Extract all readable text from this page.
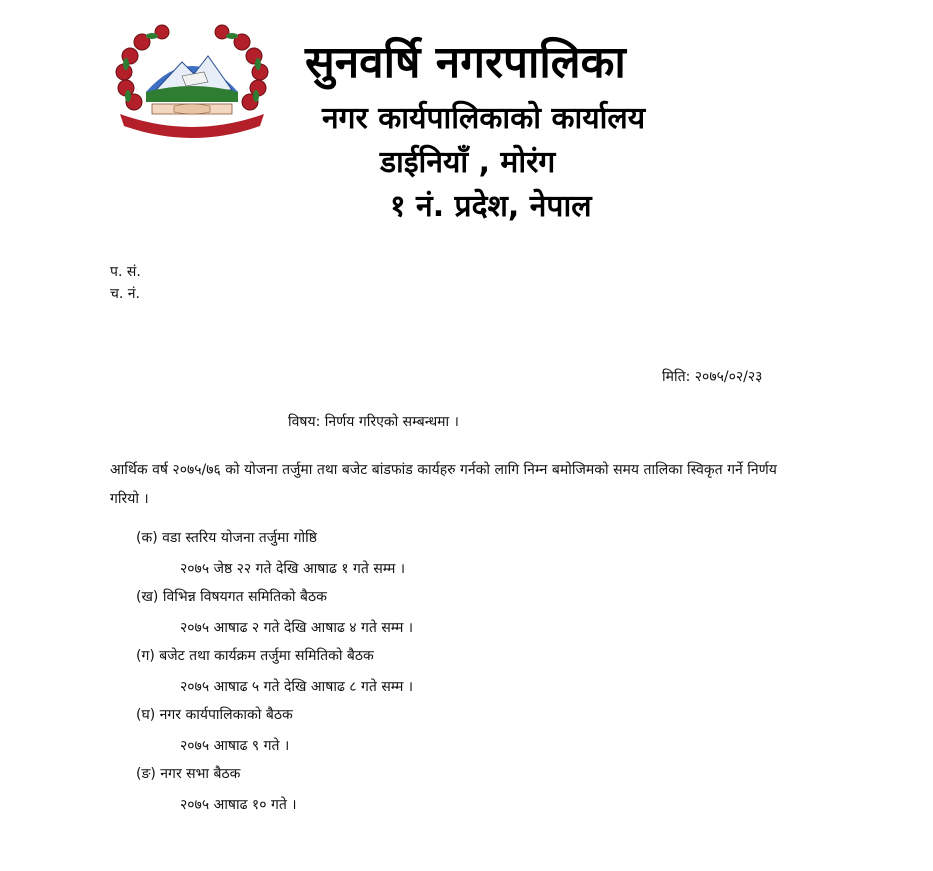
सुनवर्षि नगरपालिका
नगर कार्यपालिकाको कार्यालय
डाईनियाँ , मोरंग
१ नं. प्रदेश, नेपाल
प. सं.
च. नं.
मिति: २०७५/०२/२३
विषय: निर्णय गरिएको सम्बन्धमा ।
आर्थिक वर्ष २०७५/७६ को योजना तर्जुमा तथा बजेट बांडफांड कार्यहरु गर्नको लागि निम्न बमोजिमको समय तालिका स्विकृत गर्ने निर्णय गरियो ।
(क) वडा स्तरिय योजना तर्जुमा गोष्ठि
२०७५ जेष्ठ २२ गते देखि आषाढ १ गते सम्म ।
(ख) विभिन्न विषयगत समितिको बैठक
२०७५ आषाढ २ गते देखि आषाढ ४ गते सम्म ।
(ग) बजेट तथा कार्यक्रम तर्जुमा समितिको बैठक
२०७५ आषाढ ५ गते देखि आषाढ ८ गते सम्म ।
(घ) नगर कार्यपालिकाको बैठक
२०७५ आषाढ ९ गते ।
(ङ) नगर सभा बैठक
२०७५ आषाढ १० गते ।
